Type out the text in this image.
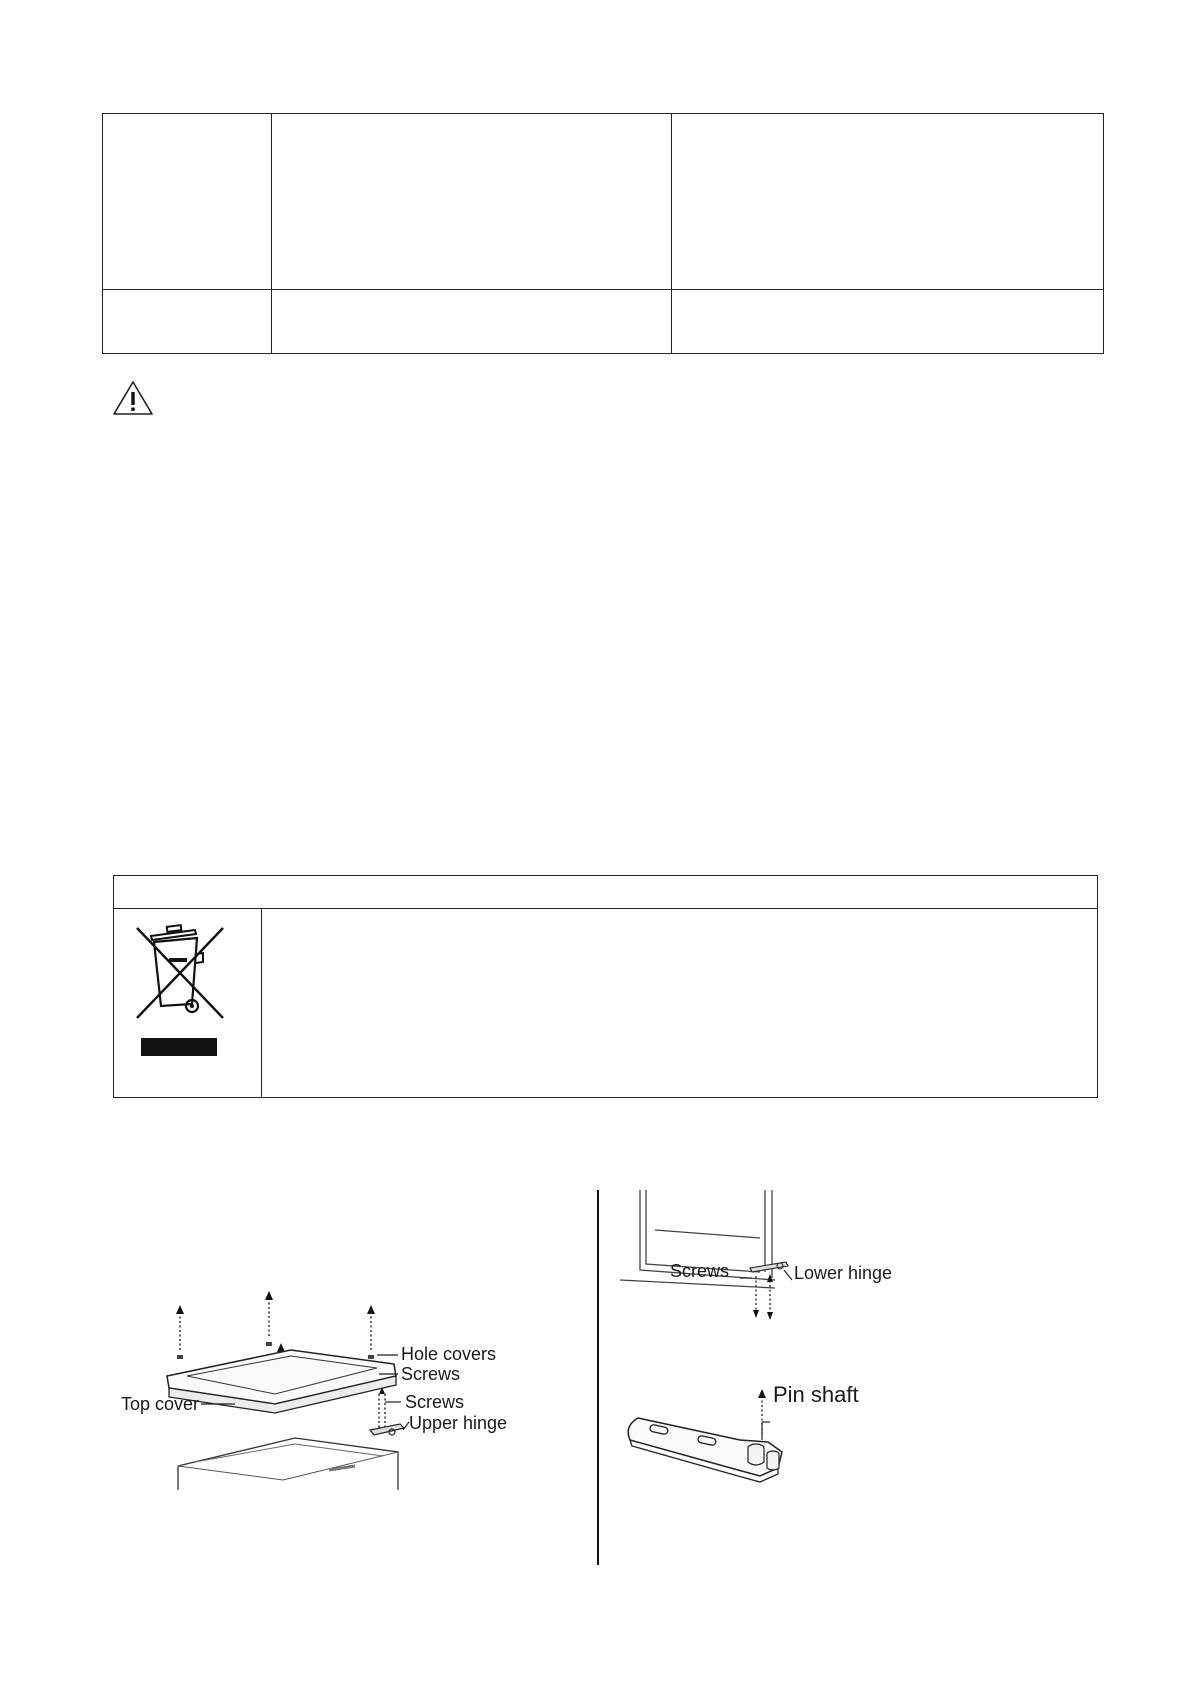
Hole covers
Screws
Top cover	Screws
Upper hinge
Screws	Lower hinge
Pin shaft
